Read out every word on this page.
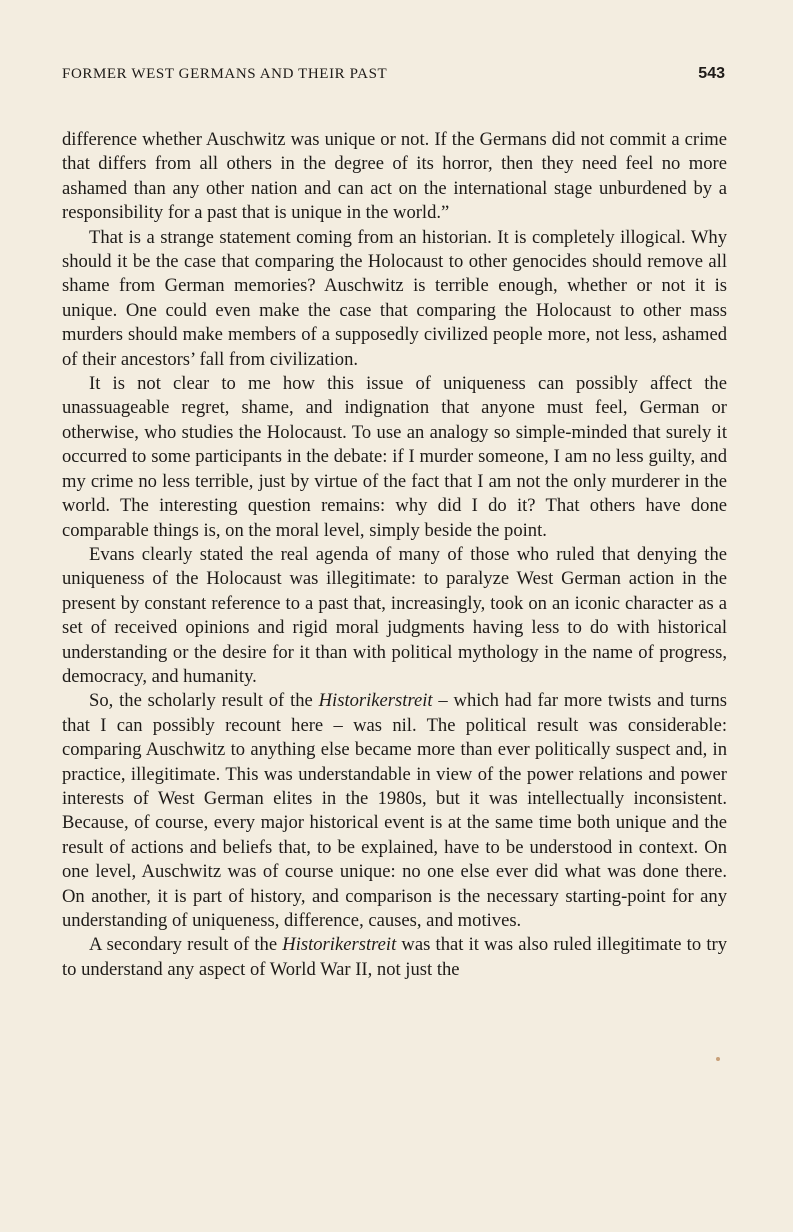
FORMER WEST GERMANS AND THEIR PAST	543

difference whether Auschwitz was unique or not. If the Germans did not commit a crime that differs from all others in the degree of its horror, then they need feel no more ashamed than any other nation and can act on the international stage unburdened by a responsibility for a past that is unique in the world.”

That is a strange statement coming from an historian. It is completely illogical. Why should it be the case that comparing the Holocaust to other genocides should remove all shame from German memories? Auschwitz is terrible enough, whether or not it is unique. One could even make the case that comparing the Holocaust to other mass murders should make members of a supposedly civilized people more, not less, ashamed of their ancestors’ fall from civilization.

It is not clear to me how this issue of uniqueness can possibly affect the unassuageable regret, shame, and indignation that anyone must feel, German or otherwise, who studies the Holocaust. To use an analogy so simple-minded that surely it occurred to some participants in the debate: if I murder someone, I am no less guilty, and my crime no less terrible, just by virtue of the fact that I am not the only murderer in the world. The interesting question remains: why did I do it? That others have done comparable things is, on the moral level, simply beside the point.

Evans clearly stated the real agenda of many of those who ruled that denying the uniqueness of the Holocaust was illegitimate: to paralyze West German action in the present by constant reference to a past that, increasingly, took on an iconic character as a set of received opinions and rigid moral judgments having less to do with historical understanding or the desire for it than with political mythology in the name of progress, democracy, and humanity.

So, the scholarly result of the Historikerstreit – which had far more twists and turns that I can possibly recount here – was nil. The political result was considerable: comparing Auschwitz to anything else became more than ever politically suspect and, in practice, illegitimate. This was understandable in view of the power relations and power interests of West German elites in the 1980s, but it was intellectually inconsistent. Because, of course, every major historical event is at the same time both unique and the result of actions and beliefs that, to be explained, have to be understood in context. On one level, Auschwitz was of course unique: no one else ever did what was done there. On another, it is part of history, and comparison is the necessary starting-point for any understanding of uniqueness, difference, causes, and motives.

A secondary result of the Historikerstreit was that it was also ruled illegitimate to try to understand any aspect of World War II, not just the
